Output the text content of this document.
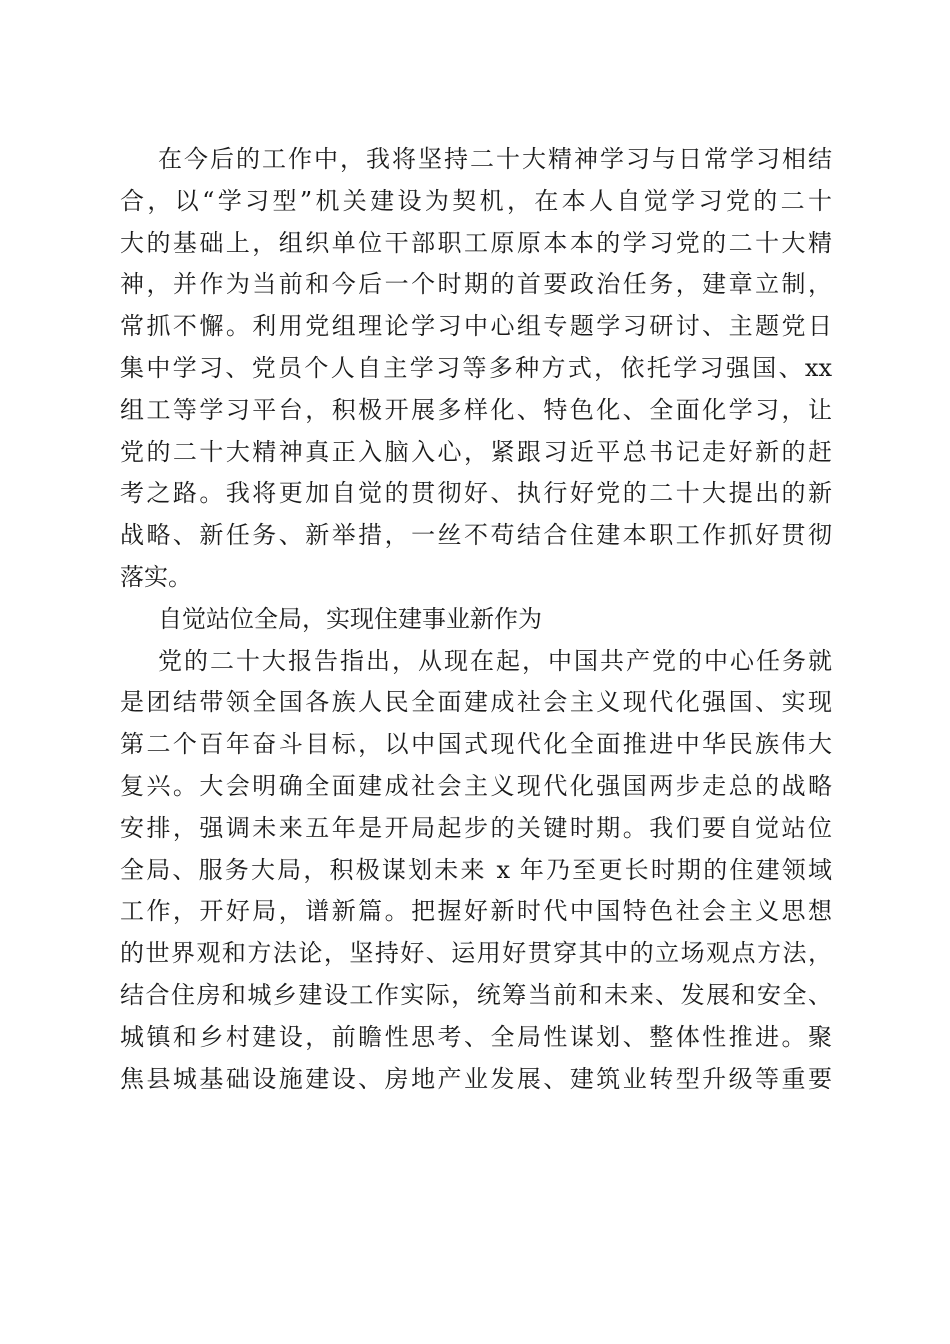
在今后的工作中，我将坚持二十大精神学习与日常学习相结
合，以“学习型”机关建设为契机，在本人自觉学习党的二十
大的基础上，组织单位干部职工原原本本的学习党的二十大精
神，并作为当前和今后一个时期的首要政治任务，建章立制，
常抓不懈。利用党组理论学习中心组专题学习研讨、主题党日
集中学习、党员个人自主学习等多种方式，依托学习强国、xx
组工等学习平台，积极开展多样化、特色化、全面化学习，让
党的二十大精神真正入脑入心，紧跟习近平总书记走好新的赶
考之路。我将更加自觉的贯彻好、执行好党的二十大提出的新
战略、新任务、新举措，一丝不苟结合住建本职工作抓好贯彻
落实。
自觉站位全局，实现住建事业新作为
党的二十大报告指出，从现在起，中国共产党的中心任务就
是团结带领全国各族人民全面建成社会主义现代化强国、实现
第二个百年奋斗目标，以中国式现代化全面推进中华民族伟大
复兴。大会明确全面建成社会主义现代化强国两步走总的战略
安排，强调未来五年是开局起步的关键时期。我们要自觉站位
全局、服务大局，积极谋划未来 x 年乃至更长时期的住建领域
工作，开好局，谱新篇。把握好新时代中国特色社会主义思想
的世界观和方法论，坚持好、运用好贯穿其中的立场观点方法，
结合住房和城乡建设工作实际，统筹当前和未来、发展和安全、
城镇和乡村建设，前瞻性思考、全局性谋划、整体性推进。聚
焦县城基础设施建设、房地产业发展、建筑业转型升级等重要
